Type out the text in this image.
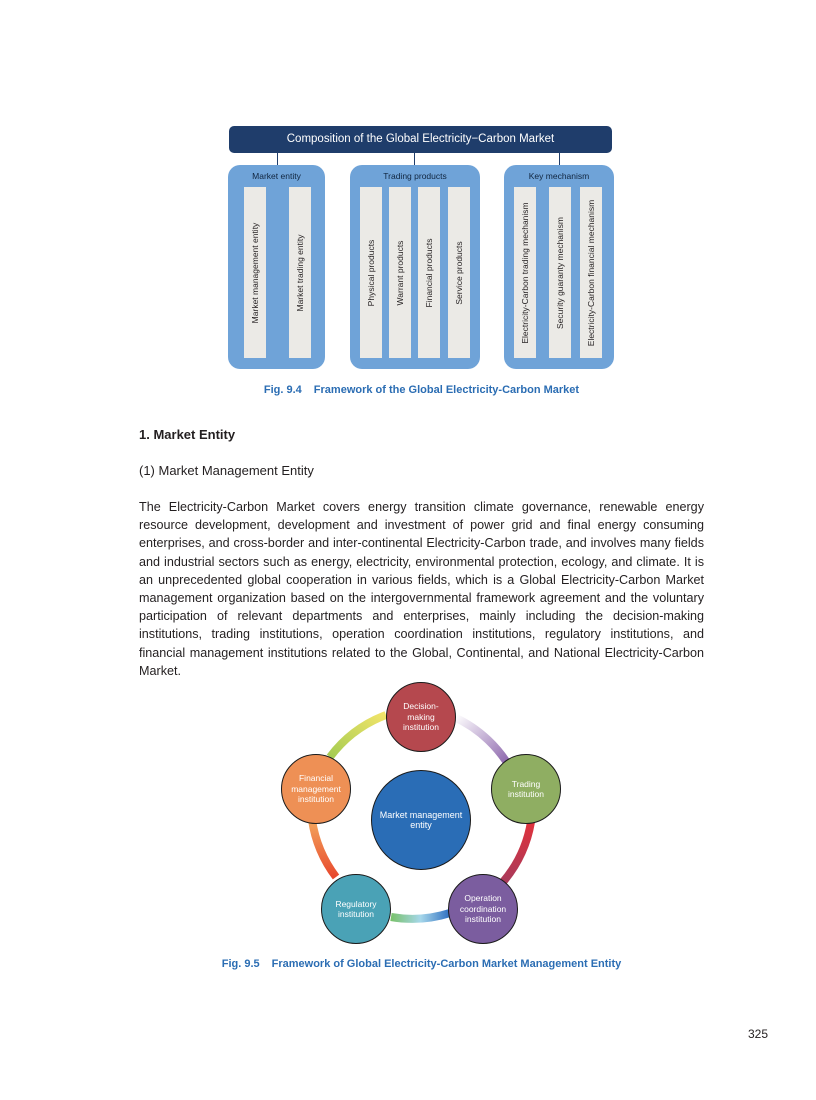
Composition of the Global Electricity−Carbon Market
Market entity
Market management entity	Market trading entity
Trading products
Physical products Warrant products Financial products Service products
Key mechanism
Electricity-Carbon trading mechanism	Security guaranty mechanism Electricity-Carbon financial mechanism
Fig. 9.4 Framework of the Global Electricity-Carbon Market
1. Market Entity
(1) Market Management Entity
The Electricity-Carbon Market covers energy transition climate governance, renewable energy resource development, development and investment of power grid and final energy consuming enterprises, and cross-border and inter-continental Electricity-Carbon trade, and involves many fields and industrial sectors such as energy, electricity, environmental protection, ecology, and climate. It is an unprecedented global cooperation in various fields, which is a Global Electricity-Carbon Market management organization based on the intergovernmental framework agreement and the voluntary participation of relevant departments and enterprises, mainly including the decision-making institutions, trading institutions, operation coordination institutions, regulatory institutions, and financial management institutions related to the Global, Continental, and National Electricity-Carbon Market.
Market management entity
Decision-making institution
Trading institution
Operation coordination institution
Regulatory institution
Financial management institution
Fig. 9.5 Framework of Global Electricity-Carbon Market Management Entity
325
